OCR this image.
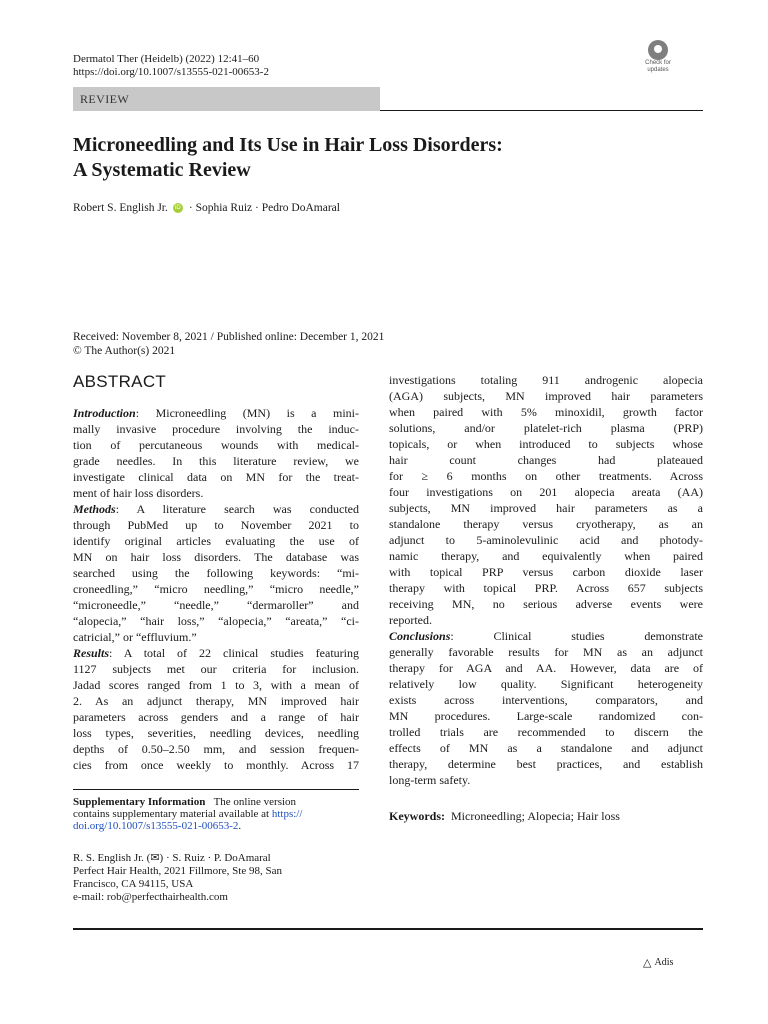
Dermatol Ther (Heidelb) (2022) 12:41–60
https://doi.org/10.1007/s13555-021-00653-2
Check for
updates
REVIEW
Microneedling and Its Use in Hair Loss Disorders:
A Systematic Review
Robert S. English Jr.	iD · Sophia Ruiz · Pedro DoAmaral
Received: November 8, 2021 / Published online: December 1, 2021
© The Author(s) 2021
ABSTRACT
Introduction: Microneedling (MN) is a mini-
mally invasive procedure involving the induc-
tion of percutaneous wounds with medical-
grade needles. In this literature review, we
investigate clinical data on MN for the treat-
ment of hair loss disorders.
Methods: A literature search was conducted
through PubMed up to November 2021 to
identify original articles evaluating the use of
MN on hair loss disorders. The database was
searched using the following keywords: “mi-
croneedling,” “micro needling,” “micro needle,”
“microneedle,” “needle,” “dermaroller” and
“alopecia,” “hair loss,” “alopecia,” “areata,” “ci-
catricial,” or “effluvium.”
Results: A total of 22 clinical studies featuring
1127 subjects met our criteria for inclusion.
Jadad scores ranged from 1 to 3, with a mean of
2. As an adjunct therapy, MN improved hair
parameters across genders and a range of hair
loss types, severities, needling devices, needling
depths of 0.50–2.50 mm, and session frequen-
cies from once weekly to monthly. Across 17
investigations totaling 911 androgenic alopecia
(AGA) subjects, MN improved hair parameters
when paired with 5% minoxidil, growth factor
solutions, and/or platelet-rich plasma (PRP)
topicals, or when introduced to subjects whose
hair count changes had plateaued
for ≥ 6 months on other treatments. Across
four investigations on 201 alopecia areata (AA)
subjects, MN improved hair parameters as a
standalone therapy versus cryotherapy, as an
adjunct to 5-aminolevulinic acid and photody-
namic therapy, and equivalently when paired
with topical PRP versus carbon dioxide laser
therapy with topical PRP. Across 657 subjects
receiving MN, no serious adverse events were
reported.
Conclusions: Clinical studies demonstrate
generally favorable results for MN as an adjunct
therapy for AGA and AA. However, data are of
relatively low quality. Significant heterogeneity
exists across interventions, comparators, and
MN procedures. Large-scale randomized con-
trolled trials are recommended to discern the
effects of MN as a standalone and adjunct
therapy, determine best practices, and establish
long-term safety.
Supplementary Information The online version
contains supplementary material available at https://
doi.org/10.1007/s13555-021-00653-2.
Keywords: Microneedling; Alopecia; Hair loss
R. S. English Jr. (✉) · S. Ruiz · P. DoAmaral
Perfect Hair Health, 2021 Fillmore, Ste 98, San
Francisco, CA 94115, USA
e-mail: rob@perfecthairhealth.com
△ Adis
